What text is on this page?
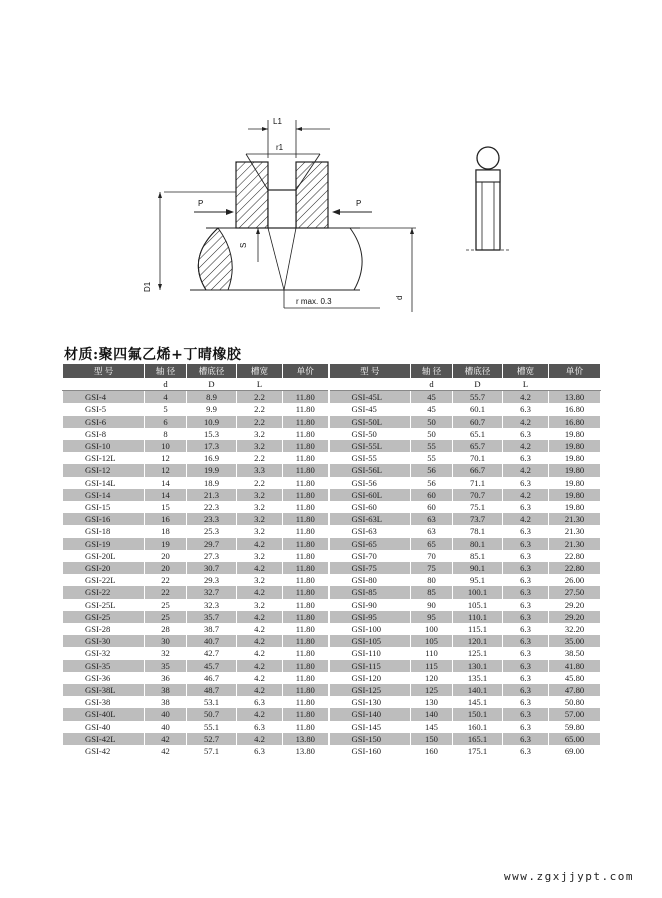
L1
r1
P	P
S
r max. 0.3
D1
d
材质:聚四氟乙烯+丁晴橡胶
型 号	轴 径	槽底径	槽宽	单价	型 号	轴 径	槽底径	槽宽	单价
	d	D	L			d	D	L	
GSI-4	4	8.9	2.2	11.80	GSI-45L	45	55.7	4.2	13.80
GSI-5	5	9.9	2.2	11.80	GSI-45	45	60.1	6.3	16.80
GSI-6	6	10.9	2.2	11.80	GSI-50L	50	60.7	4.2	16.80
GSI-8	8	15.3	3.2	11.80	GSI-50	50	65.1	6.3	19.80
GSI-10	10	17.3	3.2	11.80	GSI-55L	55	65.7	4.2	19.80
GSI-12L	12	16.9	2.2	11.80	GSI-55	55	70.1	6.3	19.80
GSI-12	12	19.9	3.3	11.80	GSI-56L	56	66.7	4.2	19.80
GSI-14L	14	18.9	2.2	11.80	GSI-56	56	71.1	6.3	19.80
GSI-14	14	21.3	3.2	11.80	GSI-60L	60	70.7	4.2	19.80
GSI-15	15	22.3	3.2	11.80	GSI-60	60	75.1	6.3	19.80
GSI-16	16	23.3	3.2	11.80	GSI-63L	63	73.7	4.2	21.30
GSI-18	18	25.3	3.2	11.80	GSI-63	63	78.1	6.3	21.30
GSI-19	19	29.7	4.2	11.80	GSI-65	65	80.1	6.3	21.30
GSI-20L	20	27.3	3.2	11.80	GSI-70	70	85.1	6.3	22.80
GSI-20	20	30.7	4.2	11.80	GSI-75	75	90.1	6.3	22.80
GSI-22L	22	29.3	3.2	11.80	GSI-80	80	95.1	6.3	26.00
GSI-22	22	32.7	4.2	11.80	GSI-85	85	100.1	6.3	27.50
GSI-25L	25	32.3	3.2	11.80	GSI-90	90	105.1	6.3	29.20
GSI-25	25	35.7	4.2	11.80	GSI-95	95	110.1	6.3	29.20
GSI-28	28	38.7	4.2	11.80	GSI-100	100	115.1	6.3	32.20
GSI-30	30	40.7	4.2	11.80	GSI-105	105	120.1	6.3	35.00
GSI-32	32	42.7	4.2	11.80	GSI-110	110	125.1	6.3	38.50
GSI-35	35	45.7	4.2	11.80	GSI-115	115	130.1	6.3	41.80
GSI-36	36	46.7	4.2	11.80	GSI-120	120	135.1	6.3	45.80
GSI-38L	38	48.7	4.2	11.80	GSI-125	125	140.1	6.3	47.80
GSI-38	38	53.1	6.3	11.80	GSI-130	130	145.1	6.3	50.80
GSI-40L	40	50.7	4.2	11.80	GSI-140	140	150.1	6.3	57.00
GSI-40	40	55.1	6.3	11.80	GSI-145	145	160.1	6.3	59.80
GSI-42L	42	52.7	4.2	13.80	GSI-150	150	165.1	6.3	65.00
GSI-42	42	57.1	6.3	13.80	GSI-160	160	175.1	6.3	69.00
www.zgxjjypt.com
